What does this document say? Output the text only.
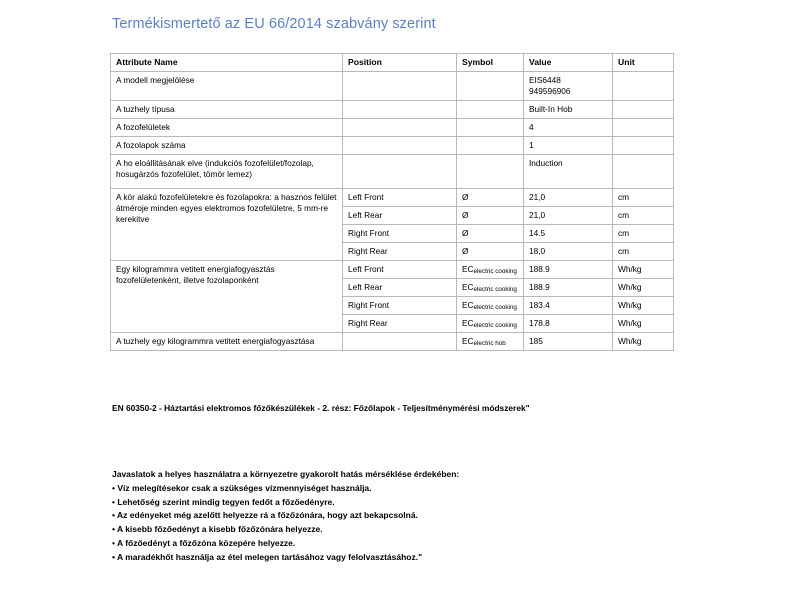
Termékismertető az EU 66/2014 szabvány szerint
Attribute Name	Position	Symbol	Value	Unit
A modell megjelölése			EIS6448
949596906	
A tuzhely típusa			Built-In Hob	
A fozofelületek			4	
A fozolapok száma			1	
A ho eloállitásának elve (indukciós fozofelület/fozolap, hosugárzós fozofelület, tömör lemez)			Induction	
A kör alakú fozofelületekre és fozolapokra: a hasznos felület átméroje minden egyes elektromos fozofelületre, 5 mm-re kerekitve	Left Front	Ø	21,0	cm
	Left Rear	Ø	21,0	cm
	Right Front	Ø	14.5	cm
	Right Rear	Ø	18,0	cm
Egy kilogrammra vetitett energiafogyasztás fozofelületenként, illetve fozolaponként	Left Front	$EC_{electric cooking}$	188.9	Wh/kg
	Left Rear	$EC_{electric cooking}$	188.9	Wh/kg
	Right Front	$EC_{electric cooking}$	183.4	Wh/kg
	Right Rear	$EC_{electric cooking}$	178.8	Wh/kg
A tuzhely egy kilogrammra vetitett energiafogyasztása		$EC_{electric hob}$	185	Wh/kg
EN 60350-2 - Háztartási elektromos főzőkészülékek - 2. rész: Főzőlapok - Teljesítménymérési módszerek"
Javaslatok a helyes használatra a környezetre gyakorolt hatás mérséklése érdekében:
• Víz melegítésekor csak a szükséges vízmennyiséget használja.
• Lehetőség szerint mindig tegyen fedőt a főzőedényre.
• Az edényeket még azelőtt helyezze rá a főzőzónára, hogy azt bekapcsolná.
• A kisebb főzőedényt a kisebb főzőzónára helyezze.
• A főzőedényt a főzőzóna közepére helyezze.
• A maradékhőt használja az étel melegen tartásához vagy felolvasztásához."
